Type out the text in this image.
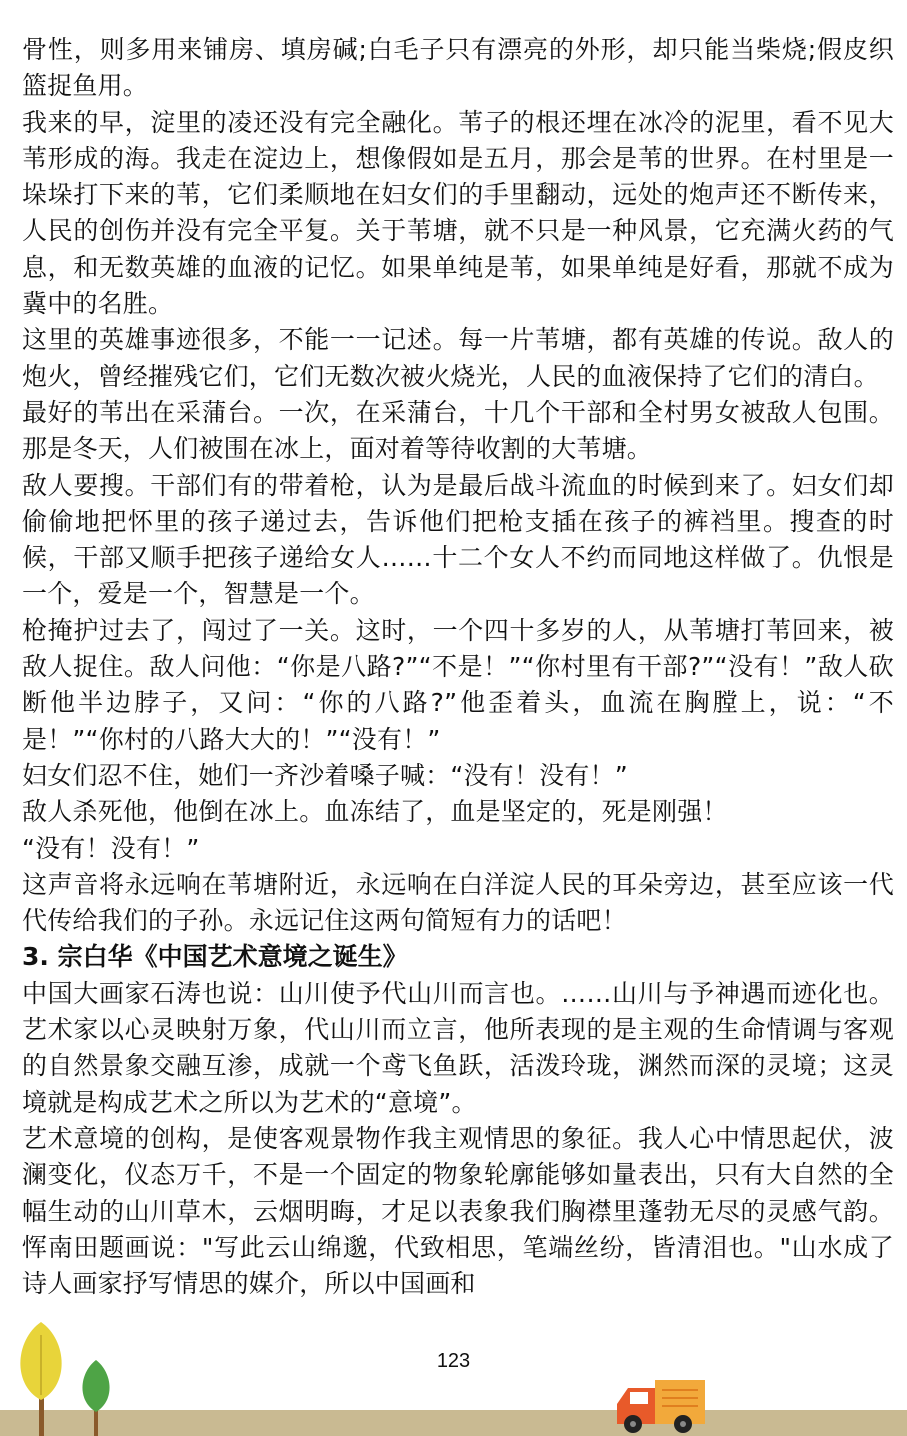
骨性，则多用来铺房、填房碱;白毛子只有漂亮的外形，却只能当柴烧;假皮织篮捉鱼用。

我来的早，淀里的凌还没有完全融化。苇子的根还埋在冰冷的泥里，看不见大苇形成的海。我走在淀边上，想像假如是五月，那会是苇的世界。在村里是一垛垛打下来的苇，它们柔顺地在妇女们的手里翻动，远处的炮声还不断传来，人民的创伤并没有完全平复。关于苇塘，就不只是一种风景，它充满火药的气息，和无数英雄的血液的记忆。如果单纯是苇，如果单纯是好看，那就不成为冀中的名胜。

这里的英雄事迹很多，不能一一记述。每一片苇塘，都有英雄的传说。敌人的炮火，曾经摧残它们，它们无数次被火烧光，人民的血液保持了它们的清白。

最好的苇出在采蒲台。一次，在采蒲台，十几个干部和全村男女被敌人包围。那是冬天，人们被围在冰上，面对着等待收割的大苇塘。

敌人要搜。干部们有的带着枪，认为是最后战斗流血的时候到来了。妇女们却偷偷地把怀里的孩子递过去，告诉他们把枪支插在孩子的裤裆里。搜查的时候，干部又顺手把孩子递给女人……十二个女人不约而同地这样做了。仇恨是一个，爱是一个，智慧是一个。

枪掩护过去了，闯过了一关。这时，一个四十多岁的人，从苇塘打苇回来，被敌人捉住。敌人问他：“你是八路?”“不是！”“你村里有干部?”“没有！”敌人砍断他半边脖子，又问：“你的八路?”他歪着头，血流在胸膛上，说：“不是！”“你村的八路大大的！”“没有！”

妇女们忍不住，她们一齐沙着嗓子喊：“没有！没有！”

敌人杀死他，他倒在冰上。血冻结了，血是坚定的，死是刚强！

“没有！没有！”

这声音将永远响在苇塘附近，永远响在白洋淀人民的耳朵旁边，甚至应该一代代传给我们的子孙。永远记住这两句简短有力的话吧！

3. 宗白华《中国艺术意境之诞生》

中国大画家石涛也说：山川使予代山川而言也。……山川与予神遇而迹化也。艺术家以心灵映射万象，代山川而立言，他所表现的是主观的生命情调与客观的自然景象交融互渗，成就一个鸢飞鱼跃，活泼玲珑，渊然而深的灵境；这灵境就是构成艺术之所以为艺术的“意境”。

艺术意境的创构，是使客观景物作我主观情思的象征。我人心中情思起伏，波澜变化，仪态万千，不是一个固定的物象轮廓能够如量表出，只有大自然的全幅生动的山川草木，云烟明晦，才足以表象我们胸襟里蓬勃无尽的灵感气韵。恽南田题画说："写此云山绵邈，代致相思，笔端丝纷，皆清泪也。"山水成了诗人画家抒写情思的媒介，所以中国画和

123
